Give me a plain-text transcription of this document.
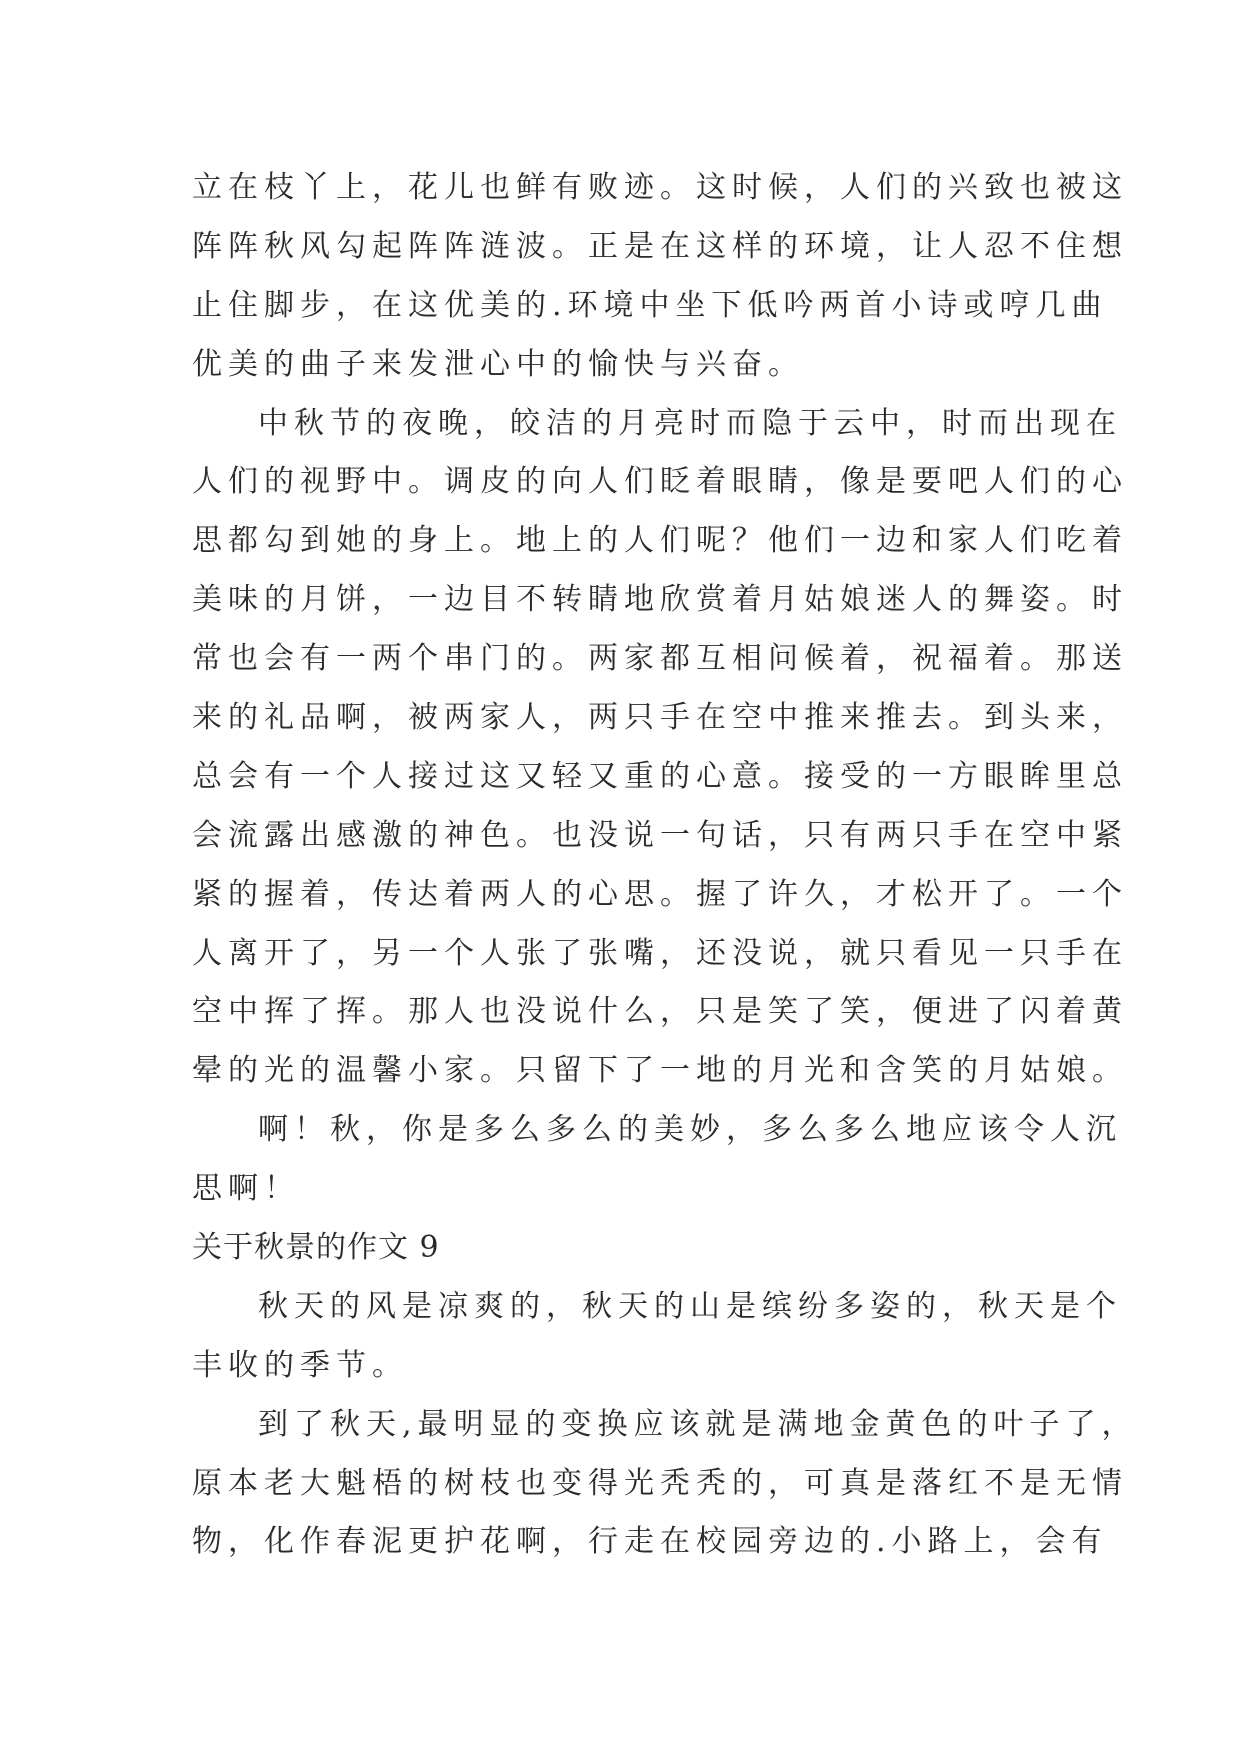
立在枝丫上，花儿也鲜有败迹。这时候，人们的兴致也被这
阵阵秋风勾起阵阵涟波。正是在这样的环境，让人忍不住想
止住脚步，在这优美的.环境中坐下低吟两首小诗或哼几曲
优美的曲子来发泄心中的愉快与兴奋。
中秋节的夜晚，皎洁的月亮时而隐于云中，时而出现在
人们的视野中。调皮的向人们眨着眼睛，像是要吧人们的心
思都勾到她的身上。地上的人们呢？他们一边和家人们吃着
美味的月饼，一边目不转睛地欣赏着月姑娘迷人的舞姿。时
常也会有一两个串门的。两家都互相问候着，祝福着。那送
来的礼品啊，被两家人，两只手在空中推来推去。到头来，
总会有一个人接过这又轻又重的心意。接受的一方眼眸里总
会流露出感激的神色。也没说一句话，只有两只手在空中紧
紧的握着，传达着两人的心思。握了许久，才松开了。一个
人离开了，另一个人张了张嘴，还没说，就只看见一只手在
空中挥了挥。那人也没说什么，只是笑了笑，便进了闪着黄
晕的光的温馨小家。只留下了一地的月光和含笑的月姑娘。
啊！秋，你是多么多么的美妙，多么多么地应该令人沉
思啊！
关于秋景的作文 9
秋天的风是凉爽的，秋天的山是缤纷多姿的，秋天是个
丰收的季节。
到了秋天,最明显的变换应该就是满地金黄色的叶子了，
原本老大魁梧的树枝也变得光秃秃的，可真是落红不是无情
物，化作春泥更护花啊，行走在校园旁边的.小路上，会有
